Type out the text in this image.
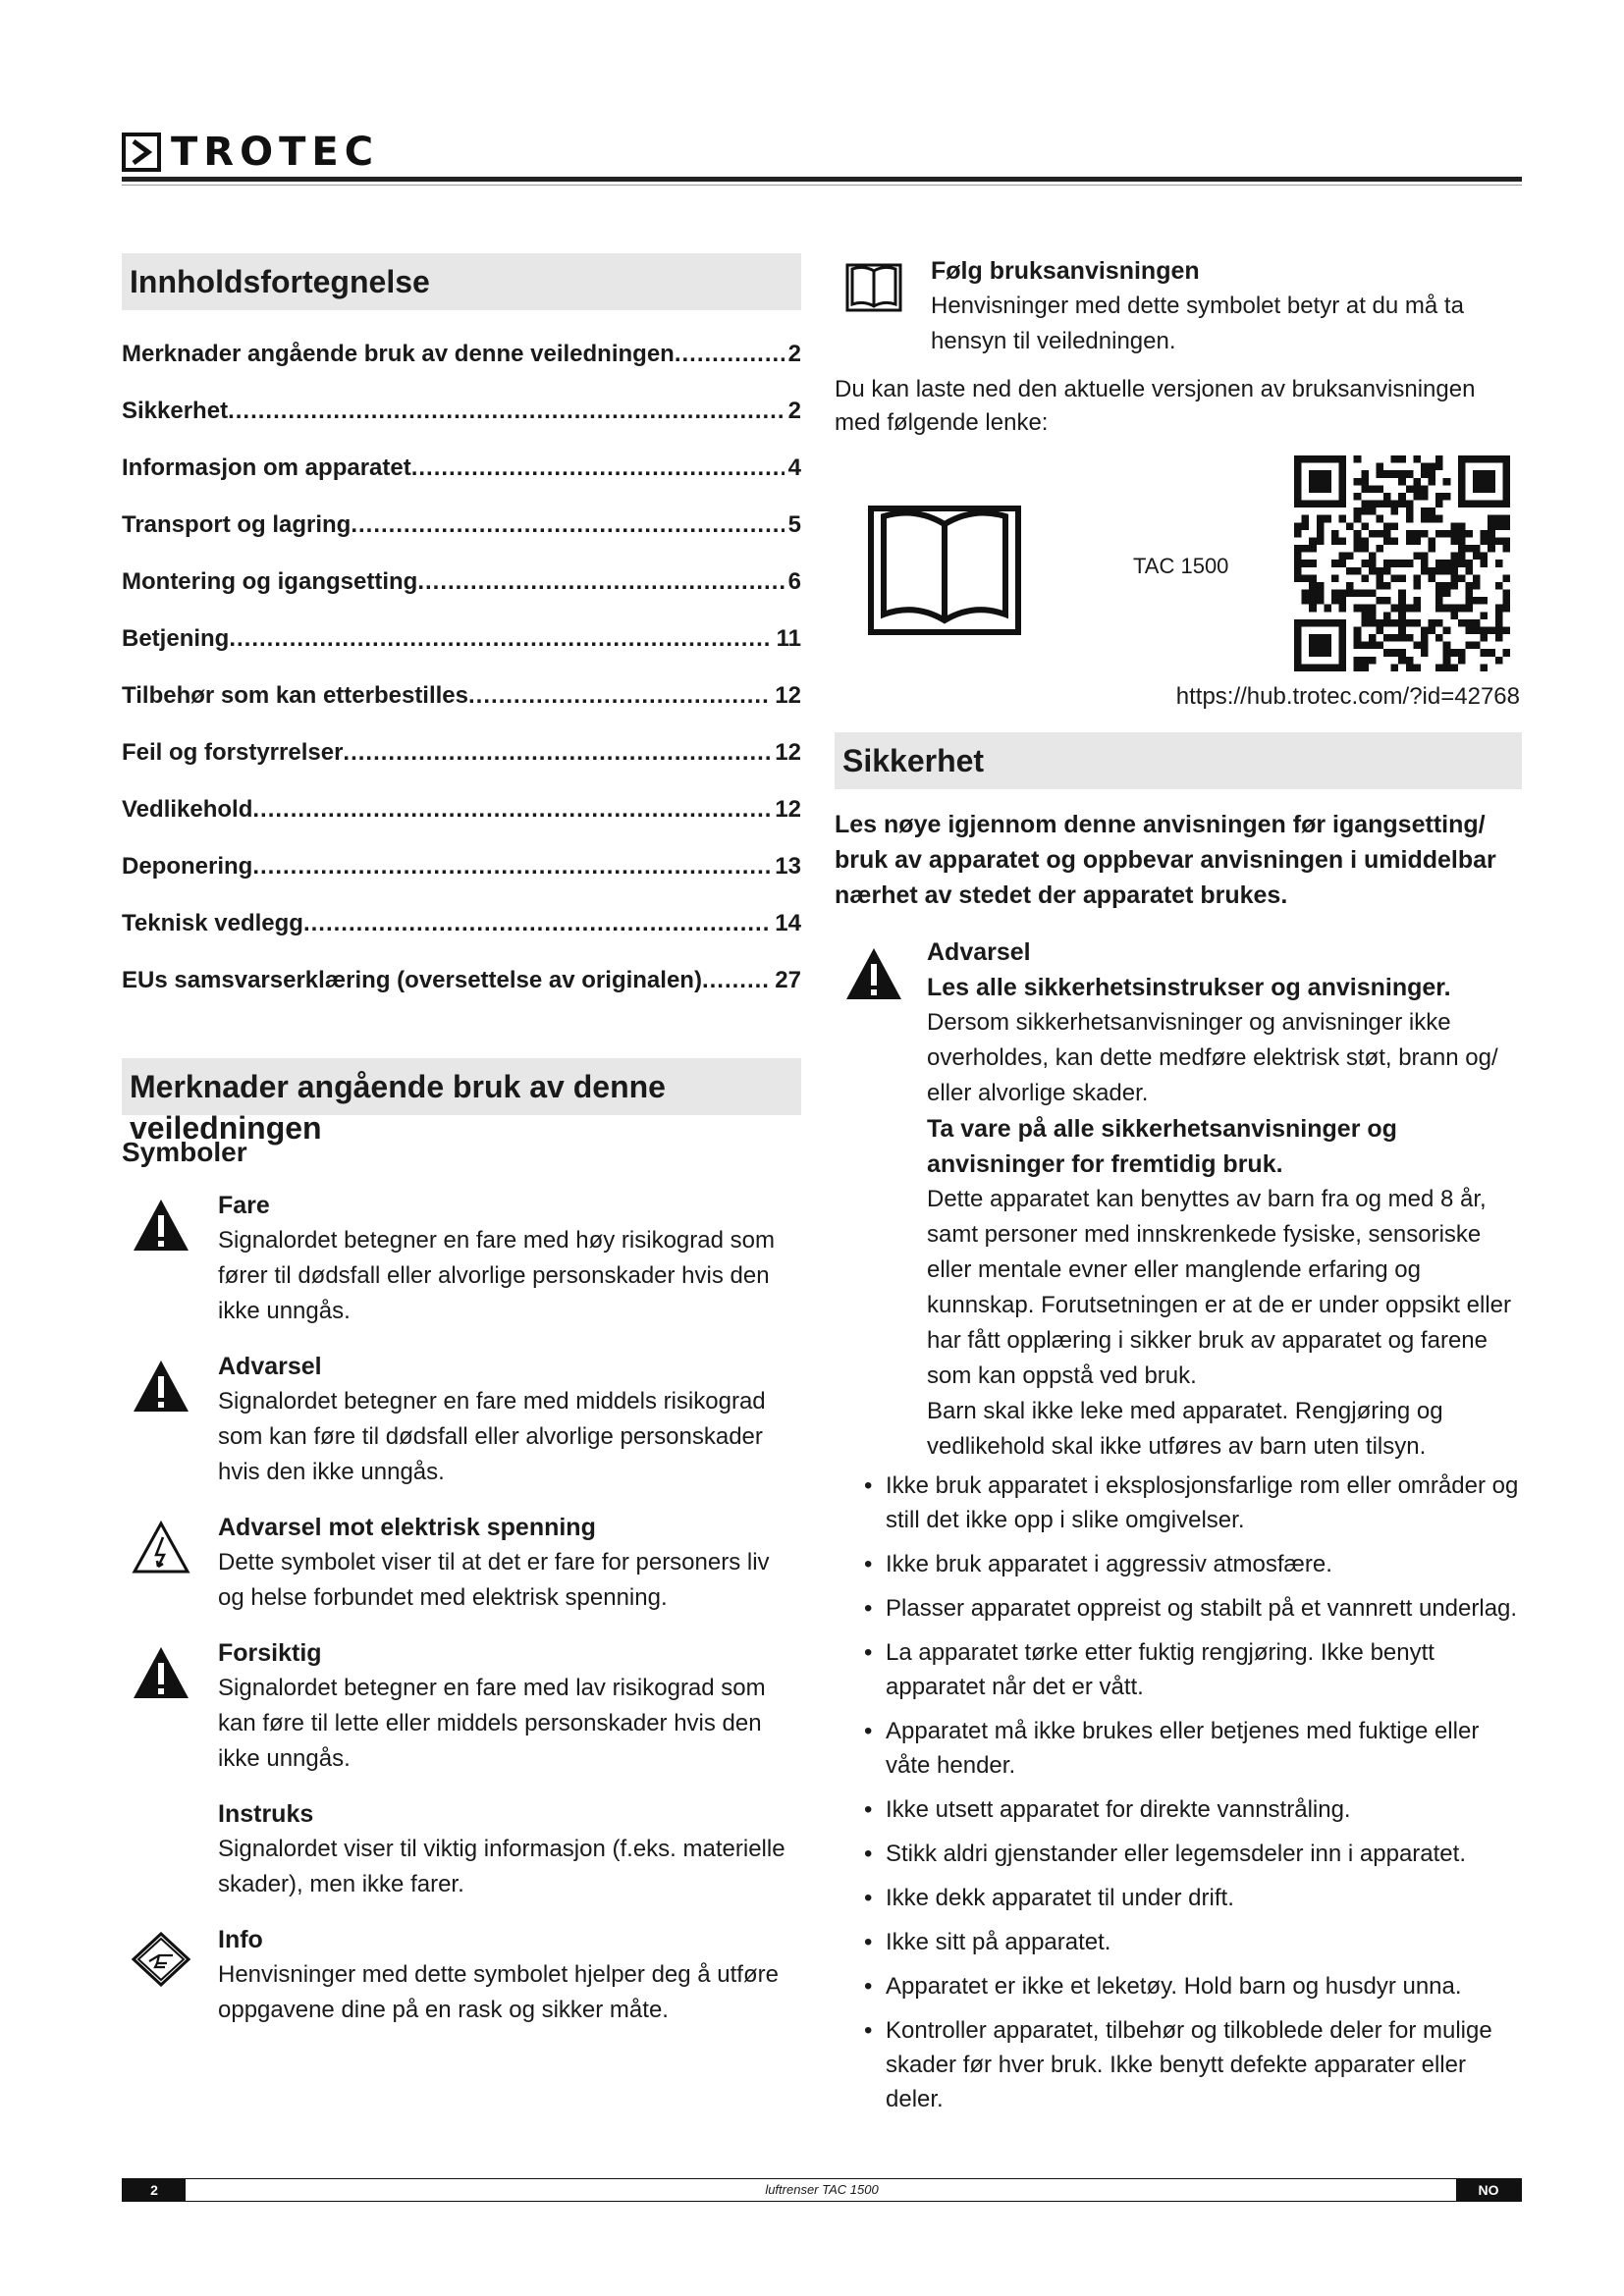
TROTEC
Innholdsfortegnelse
Merknader angående bruk av denne veiledningen .....	2
Sikkerhet .....	2
Informasjon om apparatet .....	4
Transport og lagring .....	5
Montering og igangsetting .....	6
Betjening .....	11
Tilbehør som kan etterbestilles .....	12
Feil og forstyrrelser .....	12
Vedlikehold .....	12
Deponering .....	13
Teknisk vedlegg .....	14
EUs samsvarserklæring (oversettelse av originalen) .....	27
Merknader angående bruk av denne veiledningen
Symboler
Fare
Signalordet betegner en fare med høy risikograd som fører til dødsfall eller alvorlige personskader hvis den ikke unngås.
Advarsel
Signalordet betegner en fare med middels risikograd som kan føre til dødsfall eller alvorlige personskader hvis den ikke unngås.
Advarsel mot elektrisk spenning
Dette symbolet viser til at det er fare for personers liv og helse forbundet med elektrisk spenning.
Forsiktig
Signalordet betegner en fare med lav risikograd som kan føre til lette eller middels personskader hvis den ikke unngås.
Instruks
Signalordet viser til viktig informasjon (f.eks. materielle skader), men ikke farer.
Info
Henvisninger med dette symbolet hjelper deg å utføre oppgavene dine på en rask og sikker måte.
Følg bruksanvisningen
Henvisninger med dette symbolet betyr at du må ta hensyn til veiledningen.
Du kan laste ned den aktuelle versjonen av bruksanvisningen med følgende lenke:
TAC 1500
https://hub.trotec.com/?id=42768
Sikkerhet
Les nøye igjennom denne anvisningen før igangsetting/ bruk av apparatet og oppbevar anvisningen i umiddelbar nærhet av stedet der apparatet brukes.
Advarsel
Les alle sikkerhetsinstrukser og anvisninger.
Dersom sikkerhetsanvisninger og anvisninger ikke overholdes, kan dette medføre elektrisk støt, brann og/ eller alvorlige skader.
Ta vare på alle sikkerhetsanvisninger og anvisninger for fremtidig bruk.
Dette apparatet kan benyttes av barn fra og med 8 år, samt personer med innskrenkede fysiske, sensoriske eller mentale evner eller manglende erfaring og kunnskap. Forutsetningen er at de er under oppsikt eller har fått opplæring i sikker bruk av apparatet og farene som kan oppstå ved bruk.
Barn skal ikke leke med apparatet. Rengjøring og vedlikehold skal ikke utføres av barn uten tilsyn.
• Ikke bruk apparatet i eksplosjonsfarlige rom eller områder og still det ikke opp i slike omgivelser.
• Ikke bruk apparatet i aggressiv atmosfære.
• Plasser apparatet oppreist og stabilt på et vannrett underlag.
• La apparatet tørke etter fuktig rengjøring. Ikke benytt apparatet når det er vått.
• Apparatet må ikke brukes eller betjenes med fuktige eller våte hender.
• Ikke utsett apparatet for direkte vannstråling.
• Stikk aldri gjenstander eller legemsdeler inn i apparatet.
• Ikke dekk apparatet til under drift.
• Ikke sitt på apparatet.
• Apparatet er ikke et leketøy. Hold barn og husdyr unna.
• Kontroller apparatet, tilbehør og tilkoblede deler for mulige skader før hver bruk. Ikke benytt defekte apparater eller deler.
luftrenser TAC 1500
2	NO
